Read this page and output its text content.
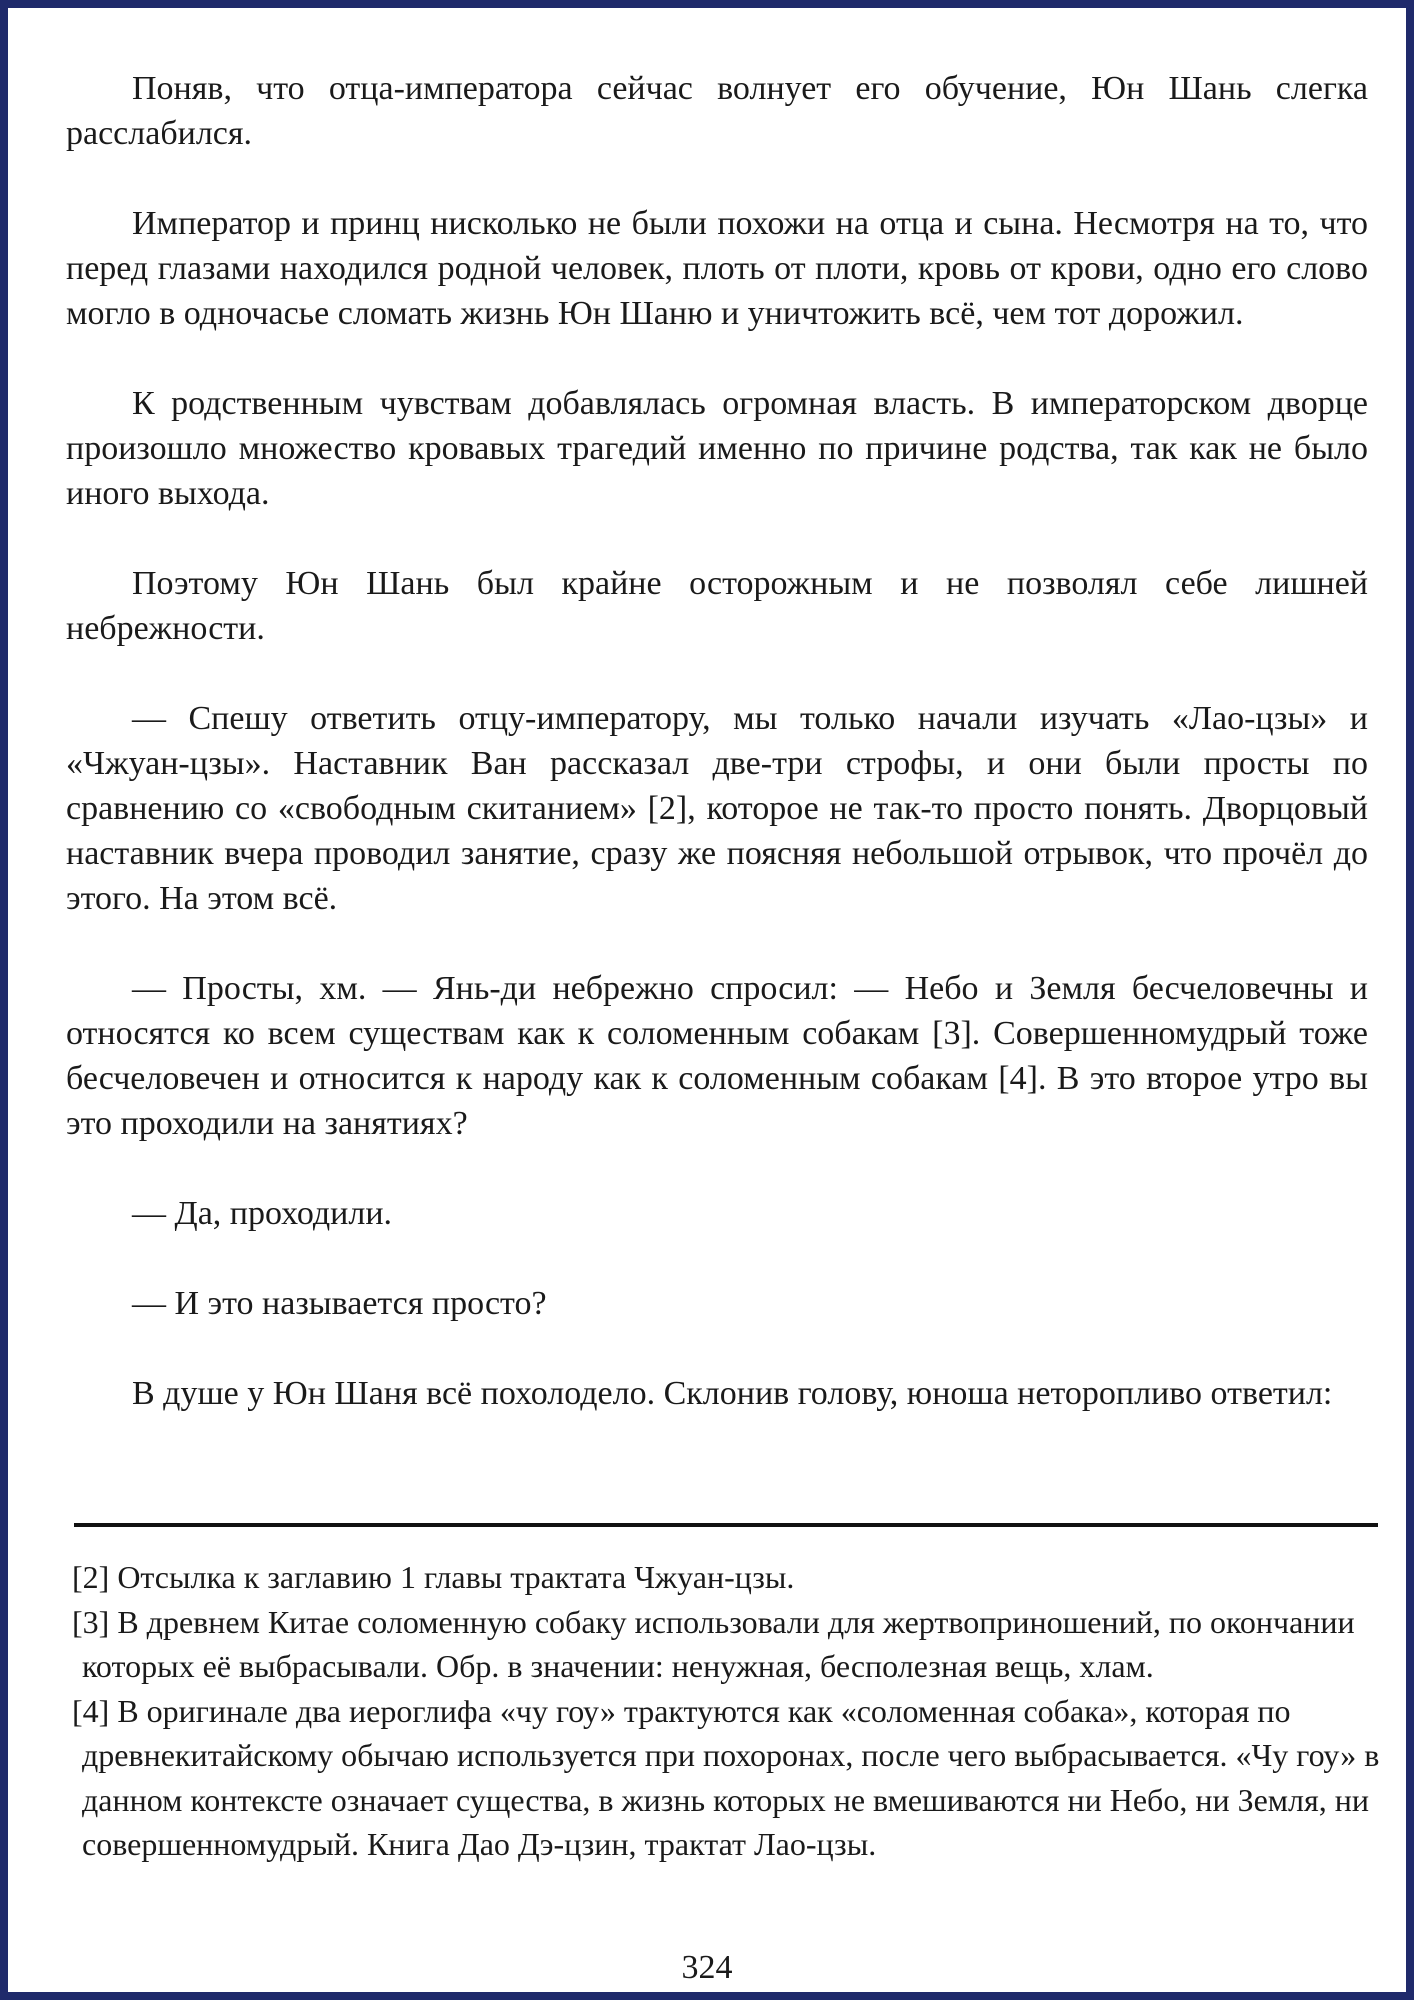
Поняв, что отца-императора сейчас волнует его обучение, Юн Шань слегка расслабился.

Император и принц нисколько не были похожи на отца и сына. Несмотря на то, что перед глазами находился родной человек, плоть от плоти, кровь от крови, одно его слово могло в одночасье сломать жизнь Юн Шаню и уничтожить всё, чем тот дорожил.

К родственным чувствам добавлялась огромная власть. В императорском дворце произошло множество кровавых трагедий именно по причине родства, так как не было иного выхода.

Поэтому Юн Шань был крайне осторожным и не позволял себе лишней небрежности.

— Спешу ответить отцу-императору, мы только начали изучать «Лао-цзы» и «Чжуан-цзы». Наставник Ван рассказал две-три строфы, и они были просты по сравнению со «свободным скитанием» [2], которое не так-то просто понять. Дворцовый наставник вчера проводил занятие, сразу же поясняя небольшой отрывок, что прочёл до этого. На этом всё.

— Просты, хм. — Янь-ди небрежно спросил: — Небо и Земля бесчеловечны и относятся ко всем существам как к соломенным собакам [3]. Совершенномудрый тоже бесчеловечен и относится к народу как к соломенным собакам [4]. В это второе утро вы это проходили на занятиях?

— Да, проходили.

— И это называется просто?

В душе у Юн Шаня всё похолодело. Склонив голову, юноша неторопливо ответил:

[2] Отсылка к заглавию 1 главы трактата Чжуан-цзы.

[3] В древнем Китае соломенную собаку использовали для жертвоприношений, по окончании которых её выбрасывали. Обр. в значении: ненужная, бесполезная вещь, хлам.

[4] В оригинале два иероглифа «чу гоу» трактуются как «соломенная собака», которая по древнекитайскому обычаю используется при похоронах, после чего выбрасывается. «Чу гоу» в данном контексте означает существа, в жизнь которых не вмешиваются ни Небо, ни Земля, ни совершенномудрый. Книга Дао Дэ-цзин, трактат Лао-цзы.

324
